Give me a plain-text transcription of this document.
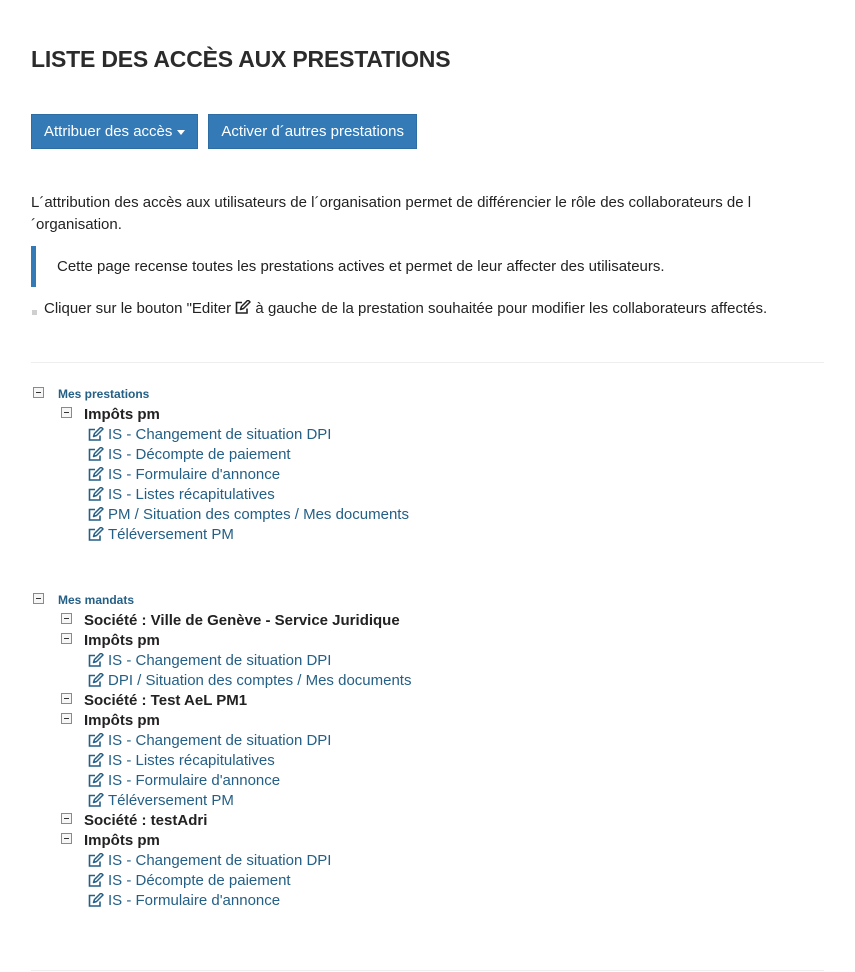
LISTE DES ACCÈS AUX PRESTATIONS
Attribuer des accès	Activer d´autres prestations

L´attribution des accès aux utilisateurs de l´organisation permet de différencier le rôle des collaborateurs de l´organisation.

Cette page recense toutes les prestations actives et permet de leur affecter des utilisateurs.
Cliquer sur le bouton "Editer  à gauche de la prestation souhaitée pour modifier les collaborateurs affectés.
Mes prestations
Impôts pm
IS - Changement de situation DPI
IS - Décompte de paiement
IS - Formulaire d'annonce
IS - Listes récapitulatives
PM / Situation des comptes / Mes documents
Téléversement PM
Mes mandats
Société : Ville de Genève - Service Juridique
Impôts pm
IS - Changement de situation DPI
DPI / Situation des comptes / Mes documents
Société : Test AeL PM1
Impôts pm
IS - Changement de situation DPI
IS - Listes récapitulatives
IS - Formulaire d'annonce
Téléversement PM
Société : testAdri
Impôts pm
IS - Changement de situation DPI
IS - Décompte de paiement
IS - Formulaire d'annonce
